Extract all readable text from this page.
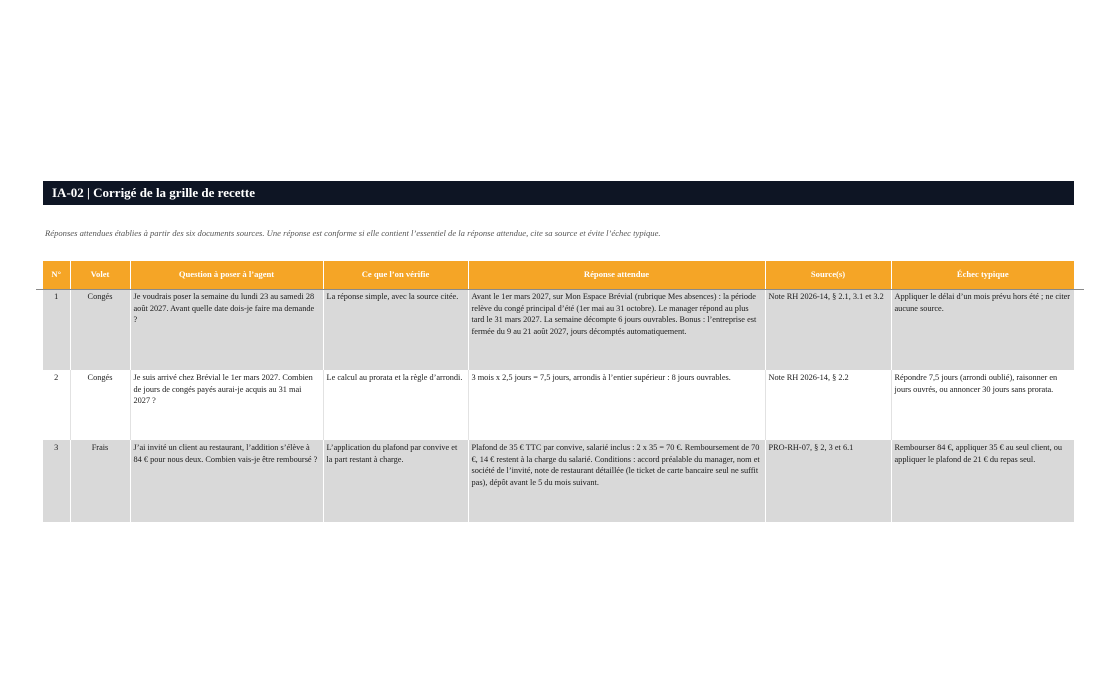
IA-02 | Corrigé de la grille de recette
Réponses attendues établies à partir des six documents sources. Une réponse est conforme si elle contient l’essentiel de la réponse attendue, cite sa source et évite l’échec typique.
N°	Volet	Question à poser à l’agent	Ce que l’on vérifie	Réponse attendue	Source(s)	Échec typique
1	Congés	Je voudrais poser la semaine du lundi 23 au samedi 28 août 2027. Avant quelle date dois-je faire ma demande ?	La réponse simple, avec la source citée.	Avant le 1er mars 2027, sur Mon Espace Brévial (rubrique Mes absences) : la période relève du congé principal d’été (1er mai au 31 octobre). Le manager répond au plus tard le 31 mars 2027. La semaine décompte 6 jours ouvrables. Bonus : l’entreprise est fermée du 9 au 21 août 2027, jours décomptés automatiquement.	Note RH 2026-14, § 2.1, 3.1 et 3.2	Appliquer le délai d’un mois prévu hors été ; ne citer aucune source.
2	Congés	Je suis arrivé chez Brévial le 1er mars 2027. Combien de jours de congés payés aurai-je acquis au 31 mai 2027 ?	Le calcul au prorata et la règle d’arrondi.	3 mois x 2,5 jours = 7,5 jours, arrondis à l’entier supérieur : 8 jours ouvrables.	Note RH 2026-14, § 2.2	Répondre 7,5 jours (arrondi oublié), raisonner en jours ouvrés, ou annoncer 30 jours sans prorata.
3	Frais	J’ai invité un client au restaurant, l’addition s’élève à 84 € pour nous deux. Combien vais-je être remboursé ?	L’application du plafond par convive et la part restant à charge.	Plafond de 35 € TTC par convive, salarié inclus : 2 x 35 = 70 €. Remboursement de 70 €, 14 € restent à la charge du salarié. Conditions : accord préalable du manager, nom et société de l’invité, note de restaurant détaillée (le ticket de carte bancaire seul ne suffit pas), dépôt avant le 5 du mois suivant.	PRO-RH-07, § 2, 3 et 6.1	Rembourser 84 €, appliquer 35 € au seul client, ou appliquer le plafond de 21 € du repas seul.
